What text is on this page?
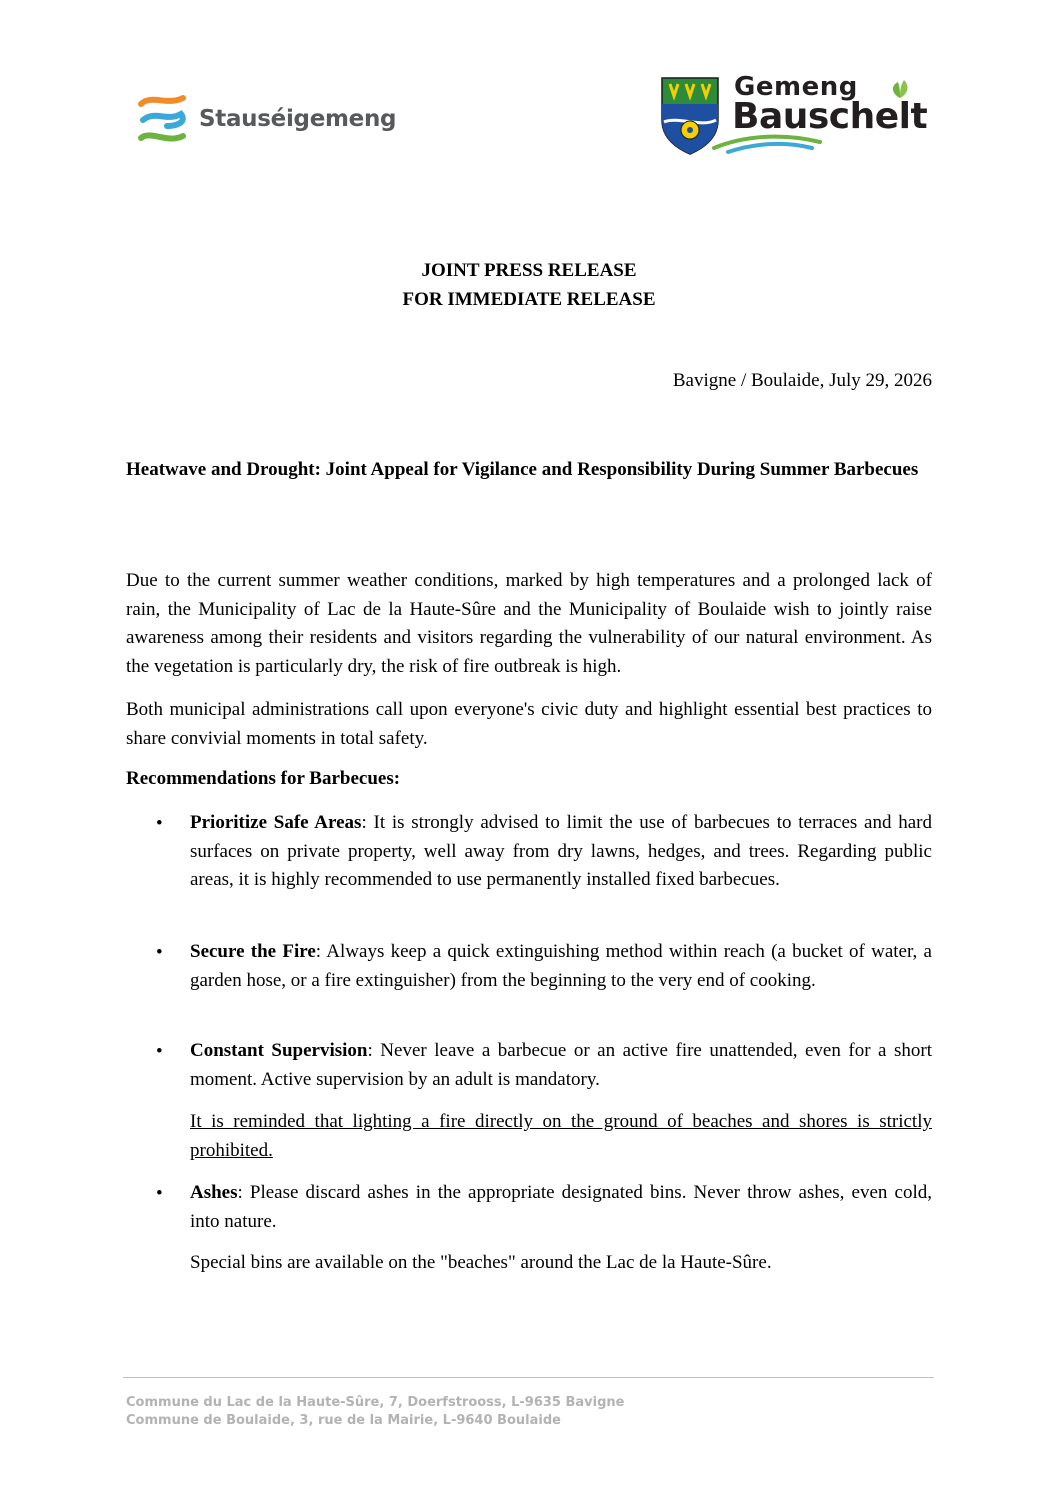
Stauséigemeng
Gemeng
Bauschelt
JOINT PRESS RELEASE
FOR IMMEDIATE RELEASE
Bavigne / Boulaide, July 29, 2026
Heatwave and Drought: Joint Appeal for Vigilance and Responsibility During Summer Barbecues

Due to the current summer weather conditions, marked by high temperatures and a prolonged lack of rain, the Municipality of Lac de la Haute-Sûre and the Municipality of Boulaide wish to jointly raise awareness among their residents and visitors regarding the vulnerability of our natural environment. As the vegetation is particularly dry, the risk of fire outbreak is high.

Both municipal administrations call upon everyone's civic duty and highlight essential best practices to share convivial moments in total safety.

Recommendations for Barbecues:
• Prioritize Safe Areas: It is strongly advised to limit the use of barbecues to terraces and hard surfaces on private property, well away from dry lawns, hedges, and trees. Regarding public areas, it is highly recommended to use permanently installed fixed barbecues.

• Secure the Fire: Always keep a quick extinguishing method within reach (a bucket of water, a garden hose, or a fire extinguisher) from the beginning to the very end of cooking.

• Constant Supervision: Never leave a barbecue or an active fire unattended, even for a short moment. Active supervision by an adult is mandatory.

It is reminded that lighting a fire directly on the ground of beaches and shores is strictly prohibited.

• Ashes: Please discard ashes in the appropriate designated bins. Never throw ashes, even cold, into nature.

Special bins are available on the "beaches" around the Lac de la Haute-Sûre.

Commune du Lac de la Haute-Sûre, 7, Doerfstrooss, L-9635 Bavigne
Commune de Boulaide, 3, rue de la Mairie, L-9640 Boulaide
